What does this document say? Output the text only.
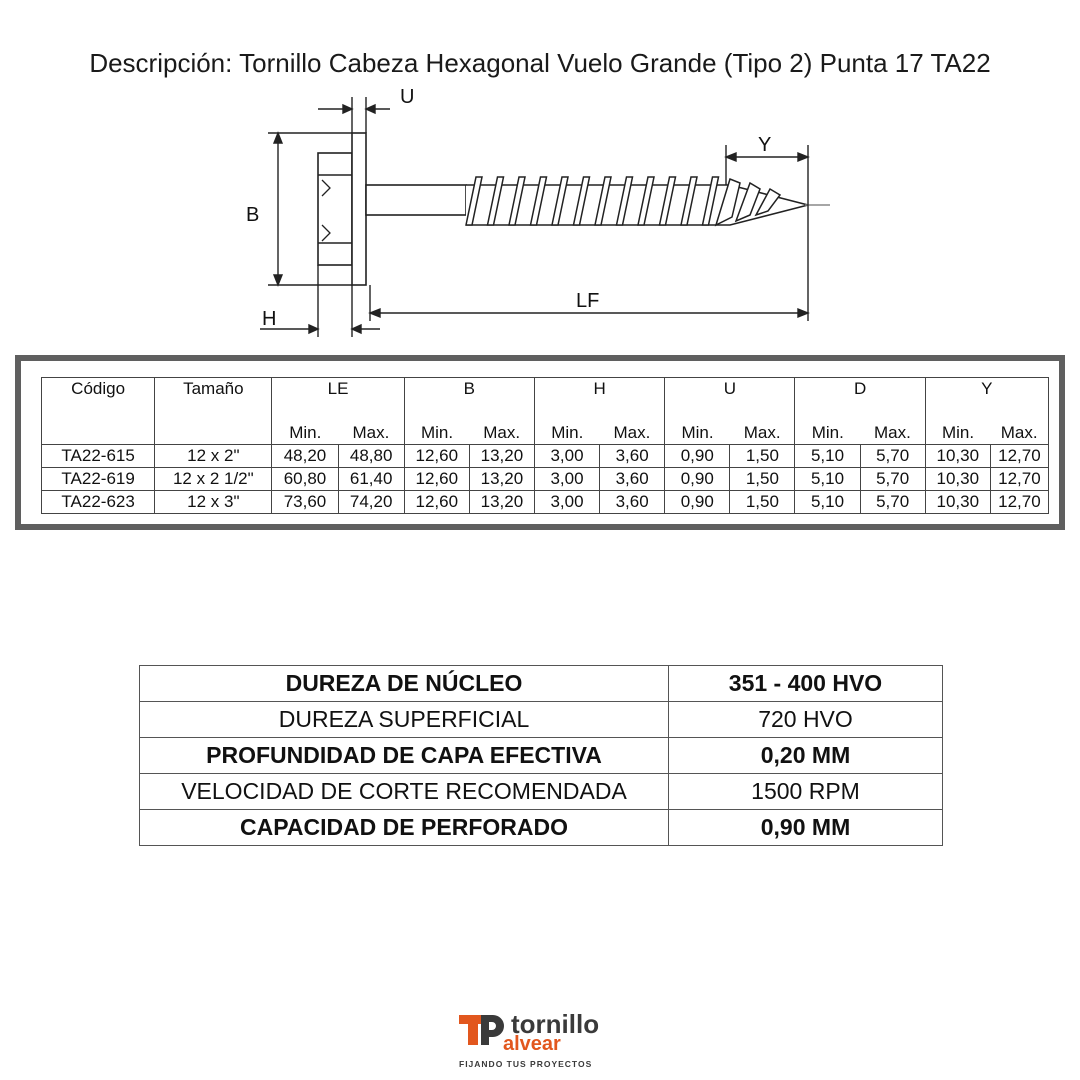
Descripción: Tornillo Cabeza Hexagonal Vuelo Grande (Tipo 2) Punta 17 TA22
U
Y
B
H
LF
Código	Tamaño	LE		B		H		U		D		Y	
		Min.	Max.	Min.	Max.	Min.	Max.	Min.	Max.	Min.	Max.	Min.	Max.
TA22-615	12 x 2"	48,20	48,80	12,60	13,20	3,00	3,60	0,90	1,50	5,10	5,70	10,30	12,70
TA22-619	12 x 2 1/2"	60,80	61,40	12,60	13,20	3,00	3,60	0,90	1,50	5,10	5,70	10,30	12,70
TA22-623	12 x 3"	73,60	74,20	12,60	13,20	3,00	3,60	0,90	1,50	5,10	5,70	10,30	12,70
DUREZA DE NÚCLEO	351 - 400 HVO
DUREZA SUPERFICIAL	720 HVO
PROFUNDIDAD DE CAPA EFECTIVA	0,20 MM
VELOCIDAD DE CORTE RECOMENDADA	1500 RPM
CAPACIDAD DE PERFORADO	0,90 MM
tornillo
alvear
FIJANDO TUS PROYECTOS
